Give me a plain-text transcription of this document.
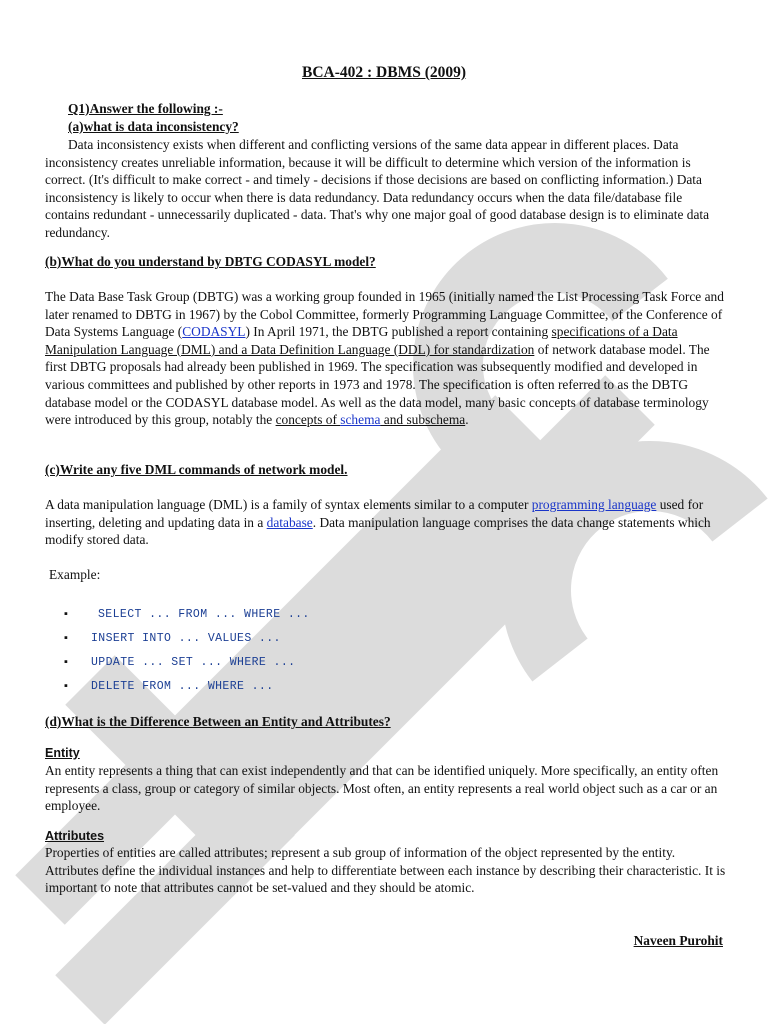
BCA-402 : DBMS (2009)
Q1)Answer the following :-
(a)what is data inconsistency?

Data inconsistency exists when different and conflicting versions of the same data appear in different places. Data inconsistency creates unreliable information, because it will be difficult to determine which version of the information is correct. (It's difficult to make correct - and timely - decisions if those decisions are based on conflicting information.) Data inconsistency is likely to occur when there is data redundancy. Data redundancy occurs when the data file/database file contains redundant - unnecessarily duplicated - data. That's why one major goal of good database design is to eliminate data redundancy.

(b)What do you understand by DBTG CODASYL model?

The Data Base Task Group (DBTG) was a working group founded in 1965 (initially named the List Processing Task Force and later renamed to DBTG in 1967) by the Cobol Committee, formerly Programming Language Committee, of the Conference of Data Systems Language (CODASYL) In April 1971, the DBTG published a report containing specifications of a Data Manipulation Language (DML) and a Data Definition Language (DDL) for standardization of network database model. The first DBTG proposals had already been published in 1969. The specification was subsequently modified and developed in various committees and published by other reports in 1973 and 1978. The specification is often referred to as the DBTG database model or the CODASYL database model. As well as the data model, many basic concepts of database terminology were introduced by this group, notably the concepts of schema and subschema.

(c)Write any five DML commands of network model.

A data manipulation language (DML) is a family of syntax elements similar to a computer programming language used for inserting, deleting and updating data in a database. Data manipulation language comprises the data change statements which modify stored data.

Example:
▪	SELECT ... FROM ... WHERE ...
▪ INSERT INTO ... VALUES ...
▪ UPDATE ... SET ... WHERE ...
▪ DELETE FROM ... WHERE ...
(d)What is the Difference Between an Entity and Attributes?
Entity

An entity represents a thing that can exist independently and that can be identified uniquely. More specifically, an entity often represents a class, group or category of similar objects. Most often, an entity represents a real world object such as a car or an employee.

Attributes

Properties of entities are called attributes; represent a sub group of information of the object represented by the entity. Attributes define the individual instances and help to differentiate between each instance by describing their characteristic. It is important to note that attributes cannot be set-valued and they should be atomic.

Naveen Purohit
